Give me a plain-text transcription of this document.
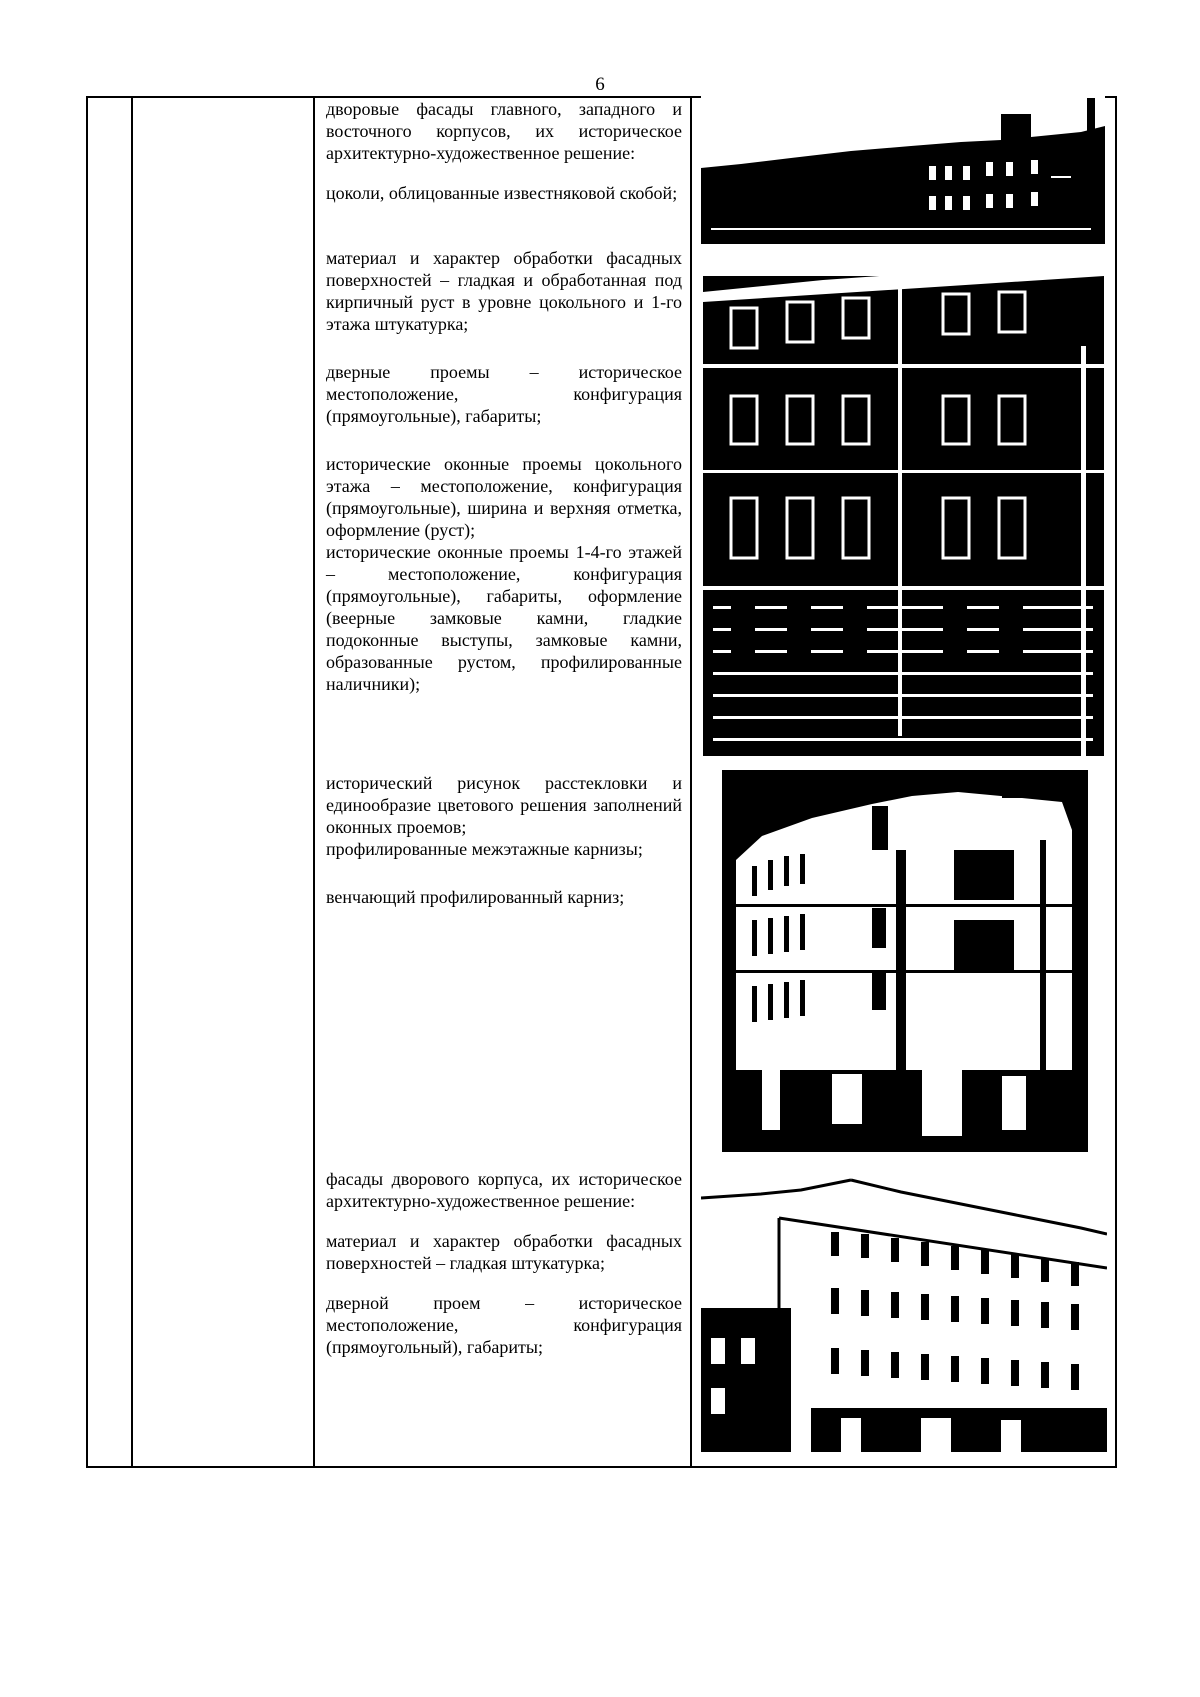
6

дворовые фасады главного, западного и восточного корпусов, их историческое архитектурно-художественное решение:

цоколи, облицованные известняковой скобой;

материал и характер обработки фасадных поверхностей – гладкая и обработанная под кирпичный руст в уровне цокольного и 1-го этажа штукатурка;

дверные проемы – историческое местоположение, конфигурация (прямоугольные), габариты;

исторические оконные проемы цокольного этажа – местоположение, конфигурация (прямоугольные), ширина и верхняя отметка, оформление (руст);

исторические оконные проемы 1-4-го этажей – местоположение, конфигурация (прямоугольные), габариты, оформление (веерные замковые камни, гладкие подоконные выступы, замковые камни, образованные рустом, профилированные наличники);

исторический рисунок расстекловки и единообразие цветового решения заполнений оконных проемов;

профилированные межэтажные карнизы;

венчающий профилированный карниз;

фасады дворового корпуса, их историческое архитектурно-художественное решение:

материал и характер обработки фасадных поверхностей – гладкая штукатурка;

дверной проем – историческое местоположение, конфигурация (прямоугольный), габариты;
